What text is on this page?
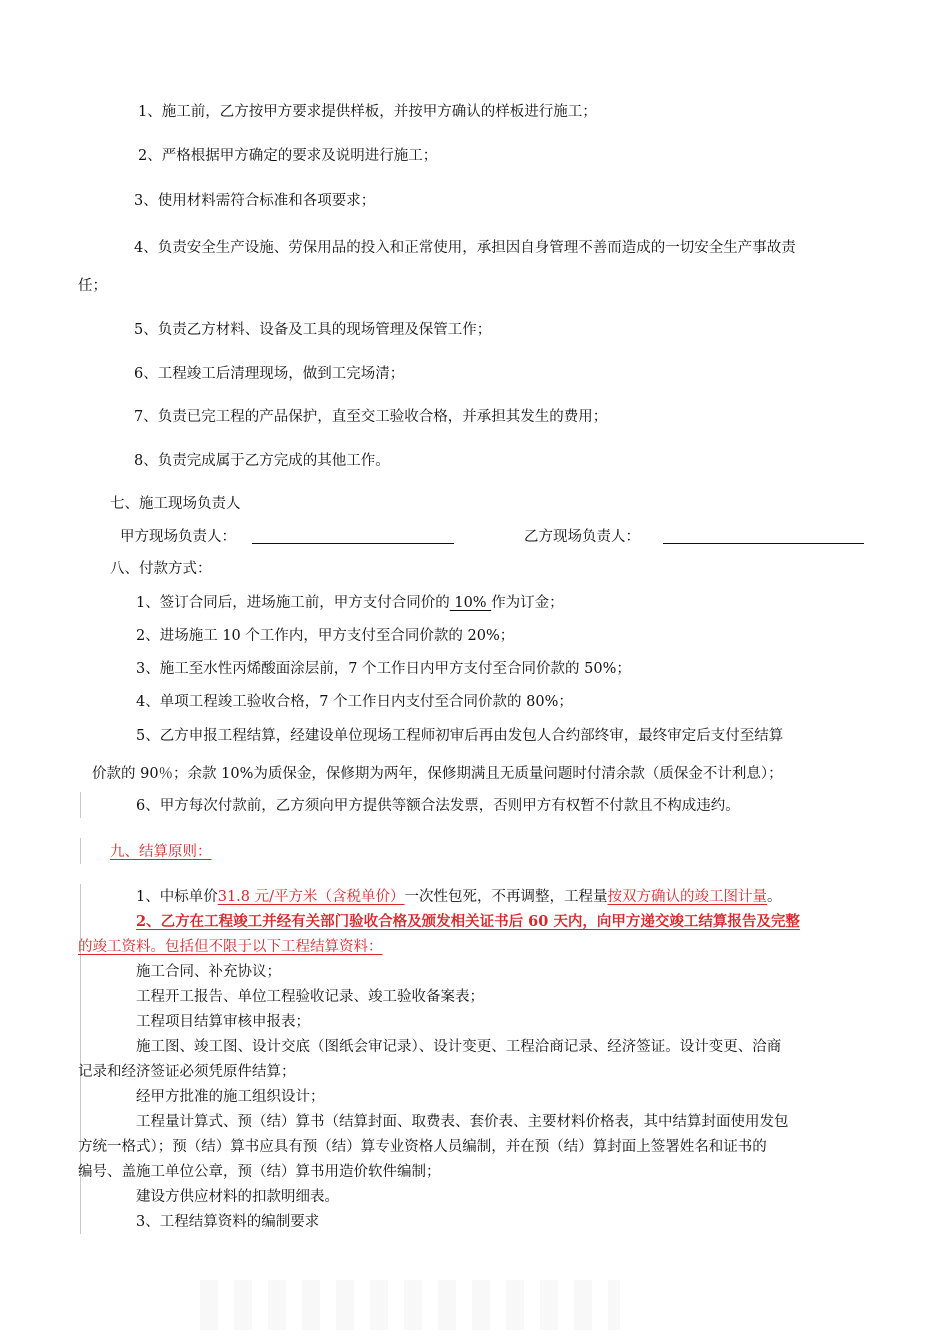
1、施工前，乙方按甲方要求提供样板，并按甲方确认的样板进行施工；
2、严格根据甲方确定的要求及说明进行施工；
3、使用材料需符合标准和各项要求；
4、负责安全生产设施、劳保用品的投入和正常使用，承担因自身管理不善而造成的一切安全生产事故责
任；
5、负责乙方材料、设备及工具的现场管理及保管工作；
6、工程竣工后清理现场，做到工完场清；
7、负责已完工程的产品保护，直至交工验收合格，并承担其发生的费用；
8、负责完成属于乙方完成的其他工作。
七、施工现场负责人
甲方现场负责人：	乙方现场负责人：
八、付款方式：
1、签订合同后，进场施工前，甲方支付合同价的 10% 作为订金；
2、进场施工 10 个工作内，甲方支付至合同价款的 20%；
3、施工至水性丙烯酸面涂层前，7 个工作日内甲方支付至合同价款的 50%；
4、单项工程竣工验收合格，7 个工作日内支付至合同价款的 80%；
5、乙方申报工程结算，经建设单位现场工程师初审后再由发包人合约部终审，最终审定后支付至结算
价款的 90％；余款 10%为质保金，保修期为两年，保修期满且无质量问题时付清余款（质保金不计利息）；
6、甲方每次付款前，乙方须向甲方提供等额合法发票，否则甲方有权暂不付款且不构成违约。
九、结算原则：
1、中标单价31.8 元/平方米（含税单价）一次性包死，不再调整，工程量按双方确认的竣工图计量。
2、乙方在工程竣工并经有关部门验收合格及颁发相关证书后 60 天内，向甲方递交竣工结算报告及完整
的竣工资料。包括但不限于以下工程结算资料：
施工合同、补充协议；
工程开工报告、单位工程验收记录、竣工验收备案表；
工程项目结算审核申报表；
施工图、竣工图、设计交底（图纸会审记录）、设计变更、工程洽商记录、经济签证。设计变更、洽商
记录和经济签证必须凭原件结算；
经甲方批准的施工组织设计；
工程量计算式、预（结）算书（结算封面、取费表、套价表、主要材料价格表，其中结算封面使用发包
方统一格式）；预（结）算书应具有预（结）算专业资格人员编制，并在预（结）算封面上签署姓名和证书的
编号、盖施工单位公章，预（结）算书用造价软件编制；
建设方供应材料的扣款明细表。
3、工程结算资料的编制要求
